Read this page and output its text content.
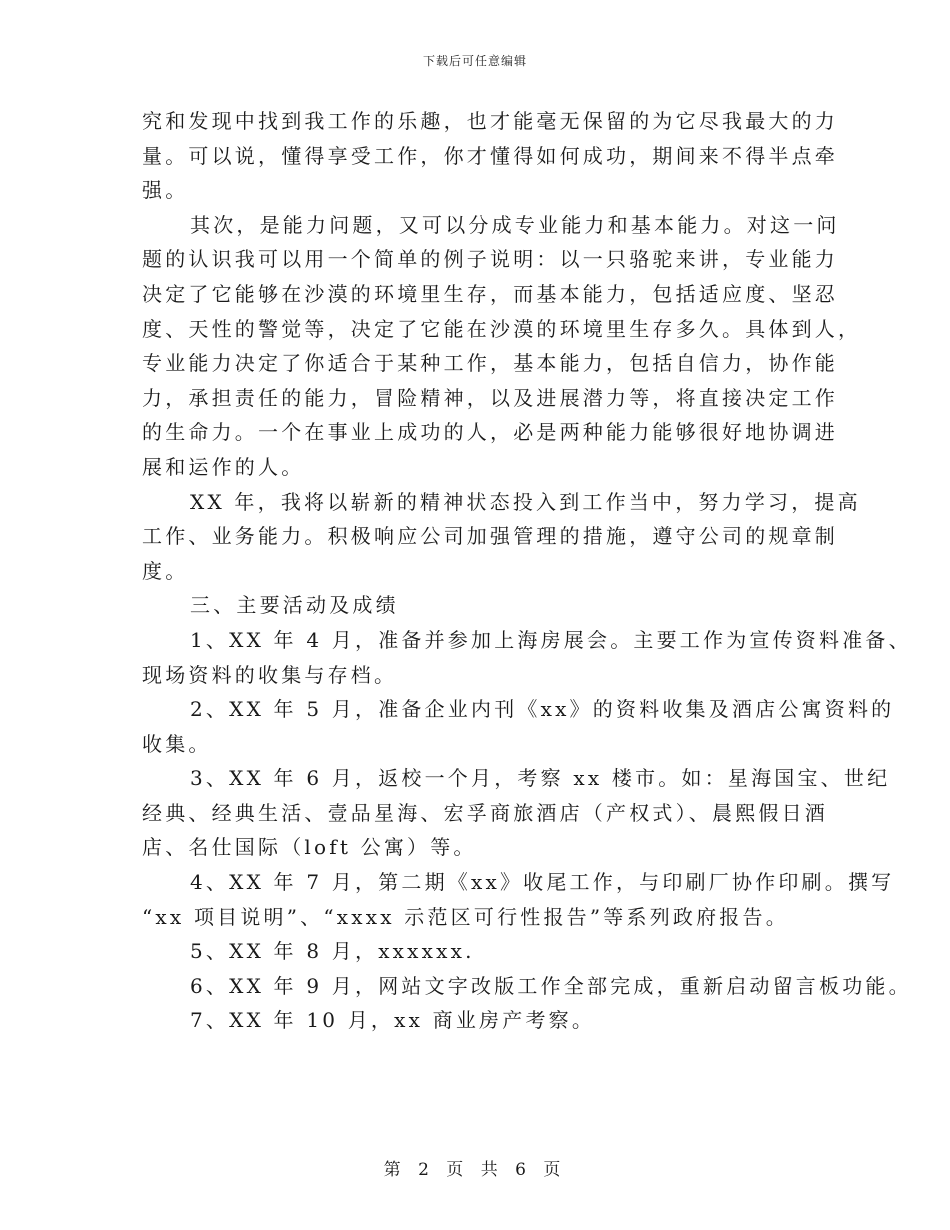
下载后可任意编辑
究和发现中找到我工作的乐趣，也才能毫无保留的为它尽我最大的力
量。可以说，懂得享受工作，你才懂得如何成功，期间来不得半点牵
强。
其次，是能力问题，又可以分成专业能力和基本能力。对这一问
题的认识我可以用一个简单的例子说明：以一只骆驼来讲，专业能力
决定了它能够在沙漠的环境里生存，而基本能力，包括适应度、坚忍
度、天性的警觉等，决定了它能在沙漠的环境里生存多久。具体到人，
专业能力决定了你适合于某种工作，基本能力，包括自信力，协作能
力，承担责任的能力，冒险精神，以及进展潜力等，将直接决定工作
的生命力。一个在事业上成功的人，必是两种能力能够很好地协调进
展和运作的人。
XX 年，我将以崭新的精神状态投入到工作当中，努力学习，提高
工作、业务能力。积极响应公司加强管理的措施，遵守公司的规章制
度。
三、主要活动及成绩
1、XX 年 4 月，准备并参加上海房展会。主要工作为宣传资料准备、
现场资料的收集与存档。
2、XX 年 5 月，准备企业内刊《xx》的资料收集及酒店公寓资料的
收集。
3、XX 年 6 月，返校一个月，考察 xx 楼市。如：星海国宝、世纪
经典、经典生活、壹品星海、宏孚商旅酒店（产权式）、晨熙假日酒
店、名仕国际（loft 公寓）等。
4、XX 年 7 月，第二期《xx》收尾工作，与印刷厂协作印刷。撰写
“xx 项目说明”、“xxxx 示范区可行性报告”等系列政府报告。
5、XX 年 8 月，xxxxxx.
6、XX 年 9 月，网站文字改版工作全部完成，重新启动留言板功能。
7、XX 年 10 月，xx 商业房产考察。
第 2 页 共 6 页
